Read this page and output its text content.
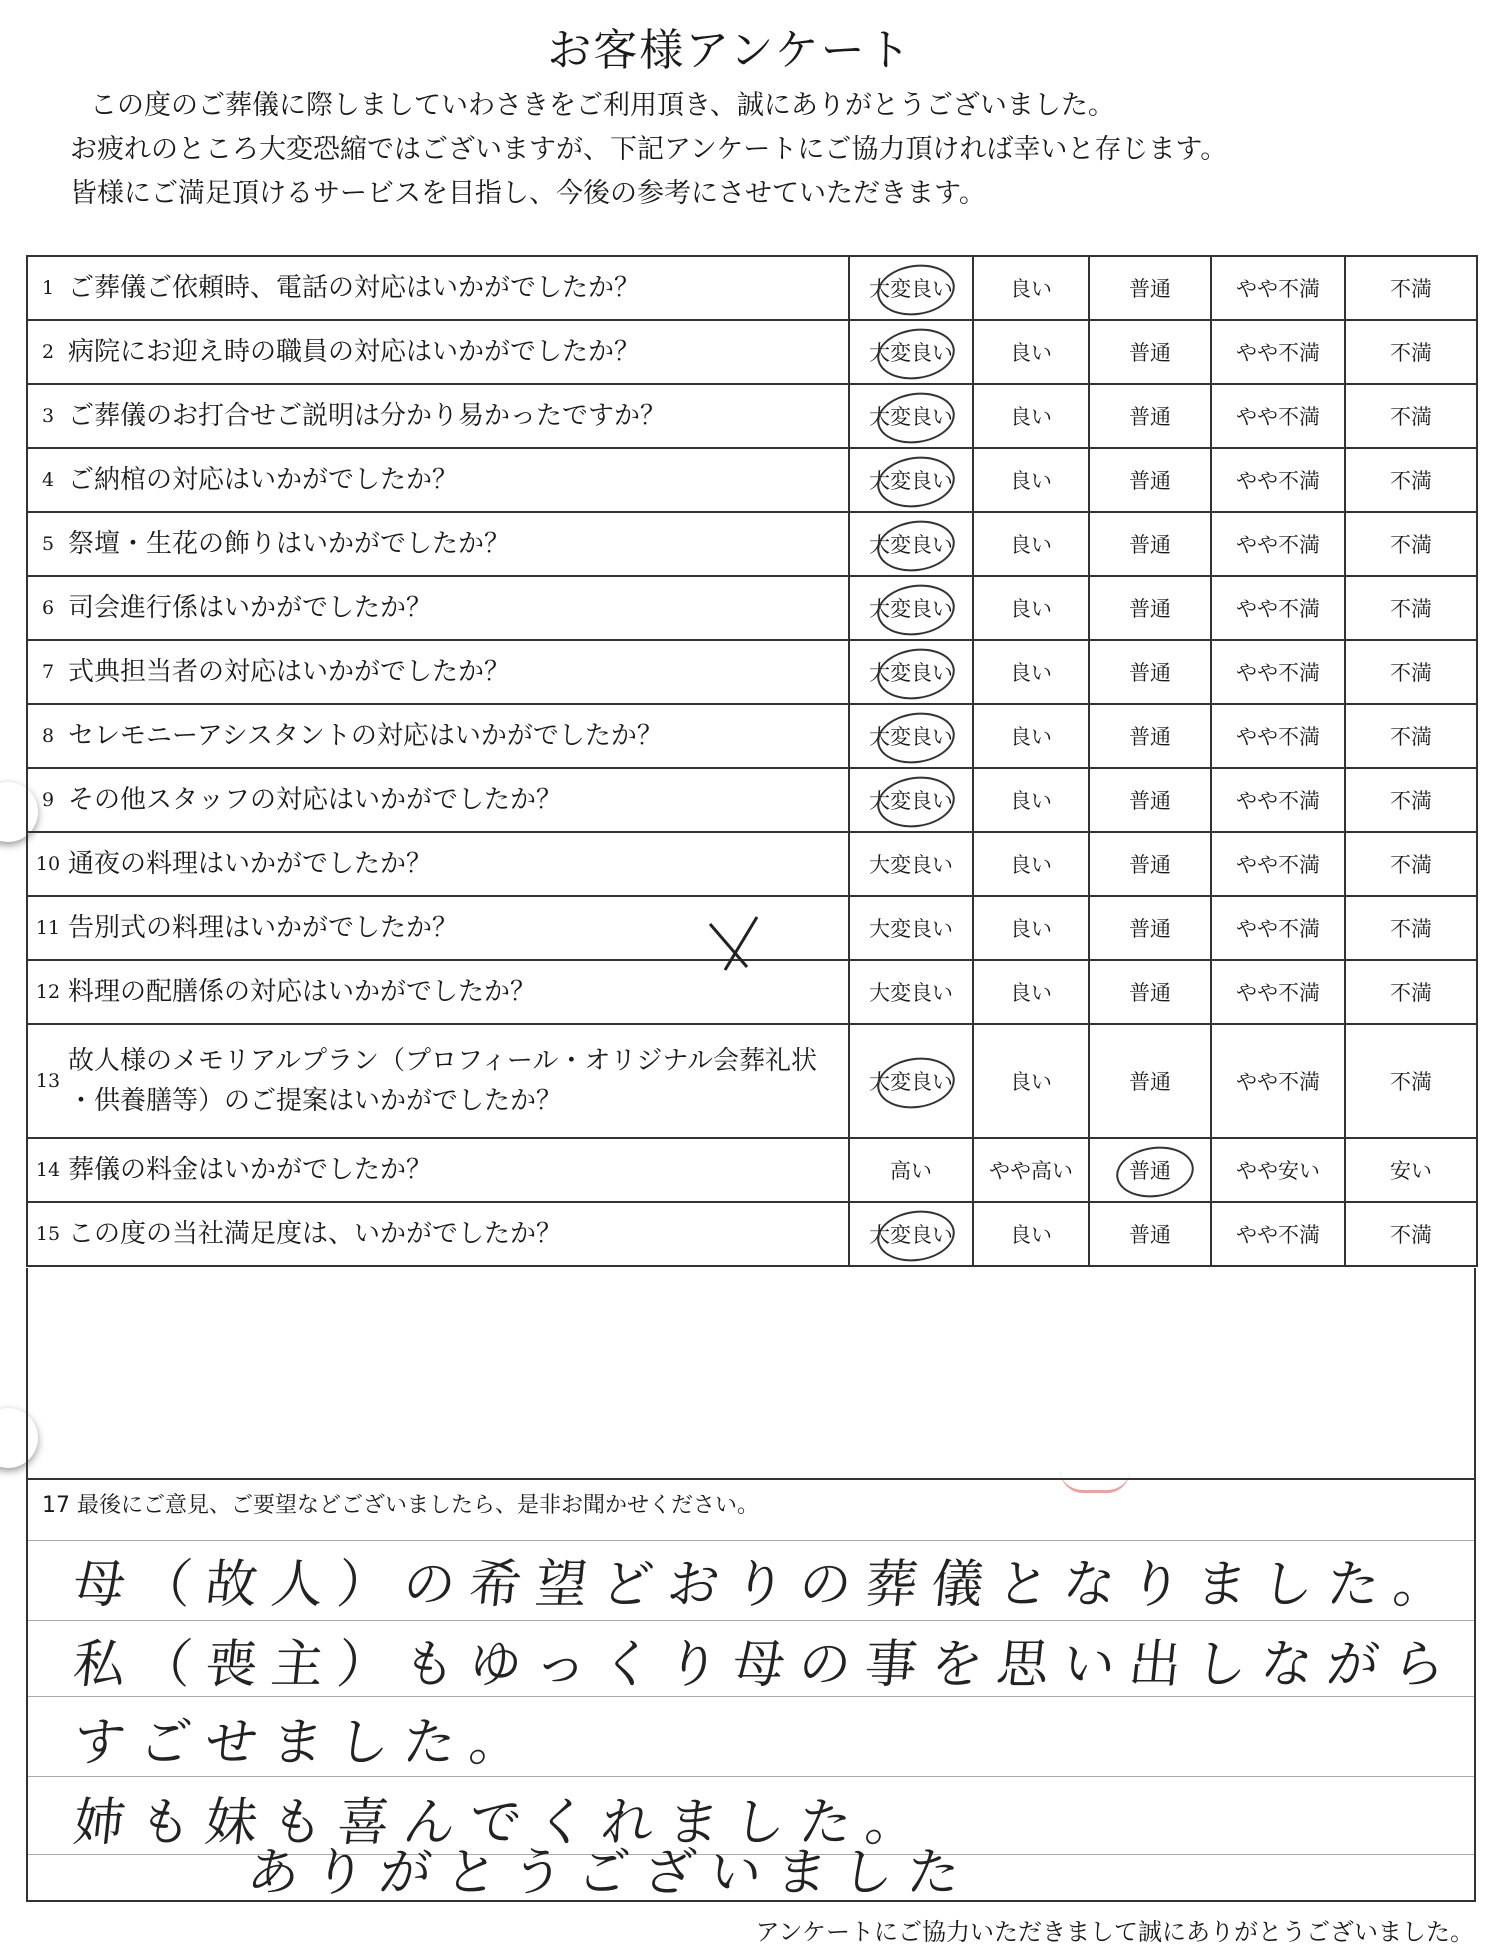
お客様アンケート
この度のご葬儀に際しましていわさきをご利用頂き、誠にありがとうございました。
お疲れのところ大変恐縮ではございますが、下記アンケートにご協力頂ければ幸いと存じます。
皆様にご満足頂けるサービスを目指し、今後の参考にさせていただきます。
1 ご葬儀ご依頼時、電話の対応はいかがでしたか？	大変良い	良い	普通	やや不満	不満
2 病院にお迎え時の職員の対応はいかがでしたか？	大変良い	良い	普通	やや不満	不満
3 ご葬儀のお打合せご説明は分かり易かったですか？	大変良い	良い	普通	やや不満	不満
4 ご納棺の対応はいかがでしたか？	大変良い	良い	普通	やや不満	不満
5 祭壇・生花の飾りはいかがでしたか？	大変良い	良い	普通	やや不満	不満
6 司会進行係はいかがでしたか？	大変良い	良い	普通	やや不満	不満
7 式典担当者の対応はいかがでしたか？	大変良い	良い	普通	やや不満	不満
8 セレモニーアシスタントの対応はいかがでしたか？	大変良い	良い	普通	やや不満	不満
9 その他スタッフの対応はいかがでしたか？	大変良い	良い	普通	やや不満	不満
10 通夜の料理はいかがでしたか？	大変良い	良い	普通	やや不満	不満
11 告別式の料理はいかがでしたか？	大変良い	良い	普通	やや不満	不満
12 料理の配膳係の対応はいかがでしたか？	大変良い	良い	普通	やや不満	不満
13
故人様のメモリアルプラン（プロフィール・オリジナル会葬礼状
・供養膳等）のご提案はいかがでしたか？	大変良い	良い	普通	やや不満	不満
14 葬儀の料金はいかがでしたか？	高い	やや高い	普通	やや安い	安い
15 この度の当社満足度は、いかがでしたか？	大変良い	良い	普通	やや不満	不満
17 最後にご意見、ご要望などございましたら、是非お聞かせください。
母（故人）の希望どおりの葬儀となりました。
私（喪主）もゆっくり母の事を思い出しながら
すごせました。
姉も妹も喜んでくれました。
ありがとうございました
アンケートにご協力いただきまして誠にありがとうございました。
